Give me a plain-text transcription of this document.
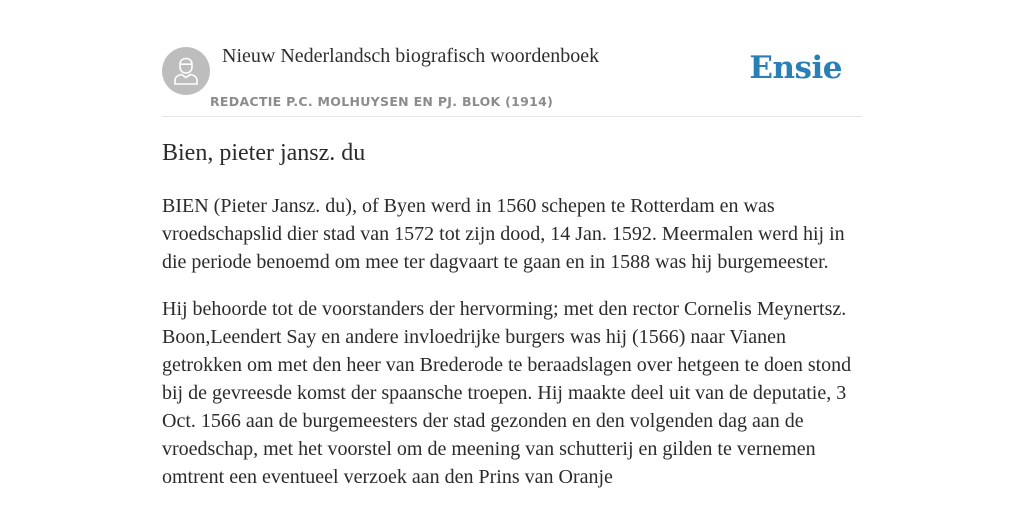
Nieuw Nederlandsch biografisch woordenboek
REDACTIE P.C. MOLHUYSEN EN PJ. BLOK (1914)
Ensie
Bien, pieter jansz. du

BIEN (Pieter Jansz. du), of Byen werd in 1560 schepen te Rotterdam en was vroedschapslid dier stad van 1572 tot zijn dood, 14 Jan. 1592. Meermalen werd hij in die periode benoemd om mee ter dagvaart te gaan en in 1588 was hij burgemeester.

Hij behoorde tot de voorstanders der hervorming; met den rector Cornelis Meynertsz. Boon,Leendert Say en andere invloedrijke burgers was hij (1566) naar Vianen getrokken om met den heer van Brederode te beraadslagen over hetgeen te doen stond bij de gevreesde komst der spaansche troepen. Hij maakte deel uit van de deputatie, 3 Oct. 1566 aan de burgemeesters der stad gezonden en den volgenden dag aan de vroedschap, met het voorstel om de meening van schutterij en gilden te vernemen omtrent een eventueel verzoek aan den Prins van Oranje
